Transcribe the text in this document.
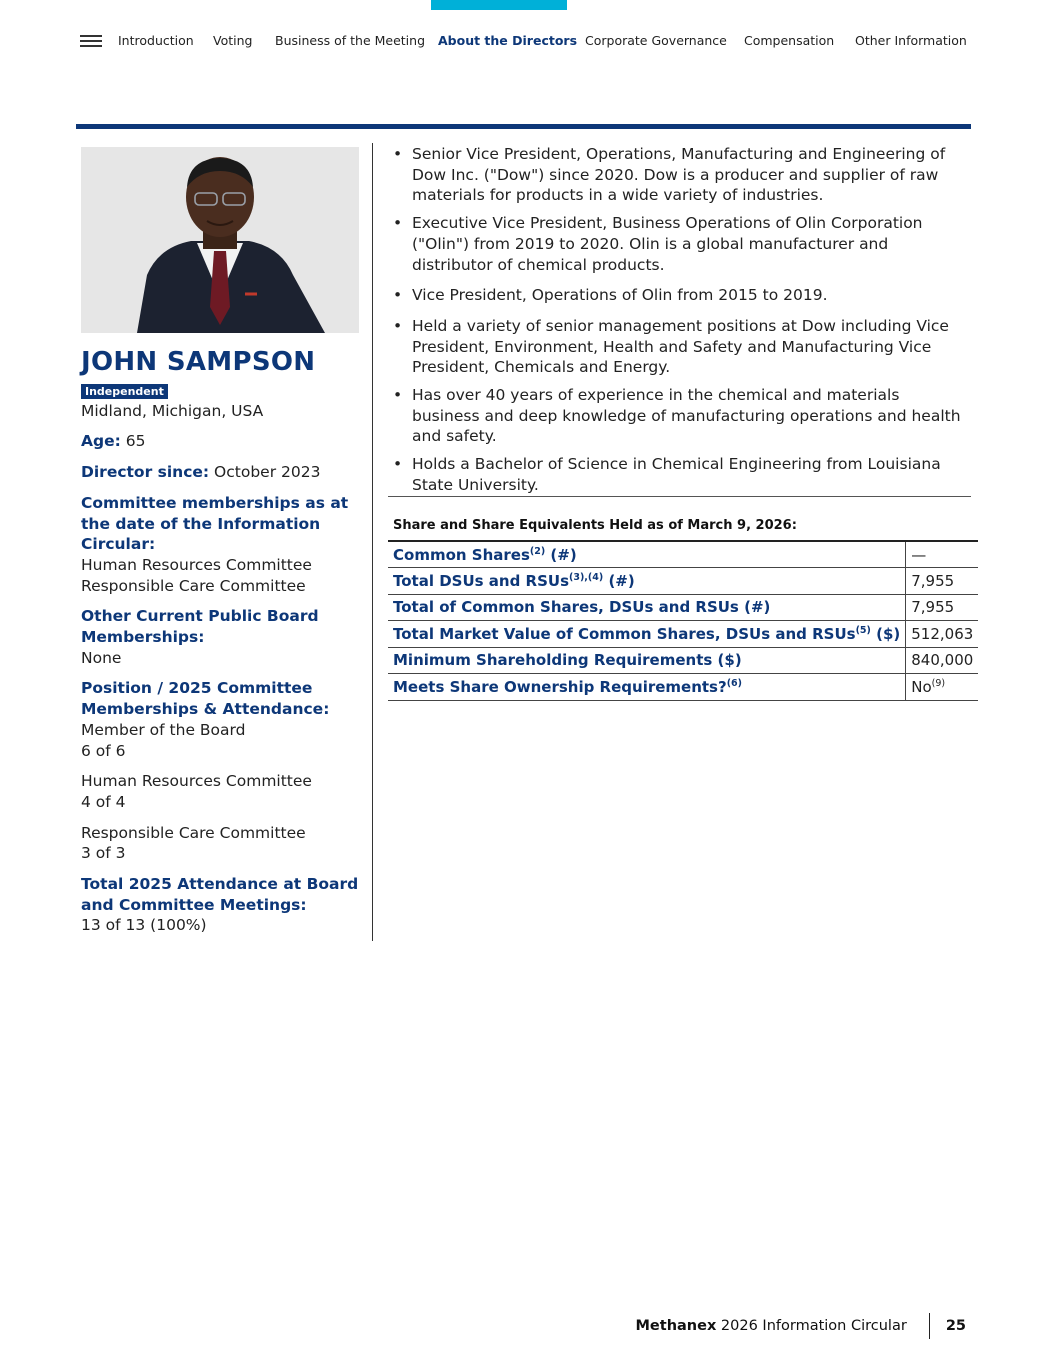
Introduction Voting Business of the Meeting About the Directors Corporate Governance Compensation Other Information
JOHN SAMPSON
Independent
Midland, Michigan, USA
Age: 65
Director since: October 2023
Committee memberships as at the date of the Information Circular:
Human Resources Committee
Responsible Care Committee
Other Current Public Board Memberships:
None
Position / 2025 Committee Memberships & Attendance:
Member of the Board
6 of 6
Human Resources Committee
4 of 4
Responsible Care Committee
3 of 3
Total 2025 Attendance at Board and Committee Meetings:
13 of 13 (100%)
• Senior Vice President, Operations, Manufacturing and Engineering of Dow Inc. ("Dow") since 2020. Dow is a producer and supplier of raw materials for products in a wide variety of industries.
• Executive Vice President, Business Operations of Olin Corporation ("Olin") from 2019 to 2020. Olin is a global manufacturer and distributor of chemical products.
• Vice President, Operations of Olin from 2015 to 2019.
• Held a variety of senior management positions at Dow including Vice President, Environment, Health and Safety and Manufacturing Vice President, Chemicals and Energy.
• Has over 40 years of experience in the chemical and materials business and deep knowledge of manufacturing operations and health and safety.
• Holds a Bachelor of Science in Chemical Engineering from Louisiana State University.
Share and Share Equivalents Held as of March 9, 2026:
Common Shares$^{(2)}$ (#)	—
Total DSUs and RSUs$^{(3),(4)}$ (#)	7,955
Total of Common Shares, DSUs and RSUs (#)	7,955
Total Market Value of Common Shares, DSUs and RSUs$^{(5)}$ ($)	512,063
Minimum Shareholding Requirements ($)	840,000
Meets Share Ownership Requirements?$^{(6)}$	No$^{(9)}$
Methanex
2026 Information Circular	25
